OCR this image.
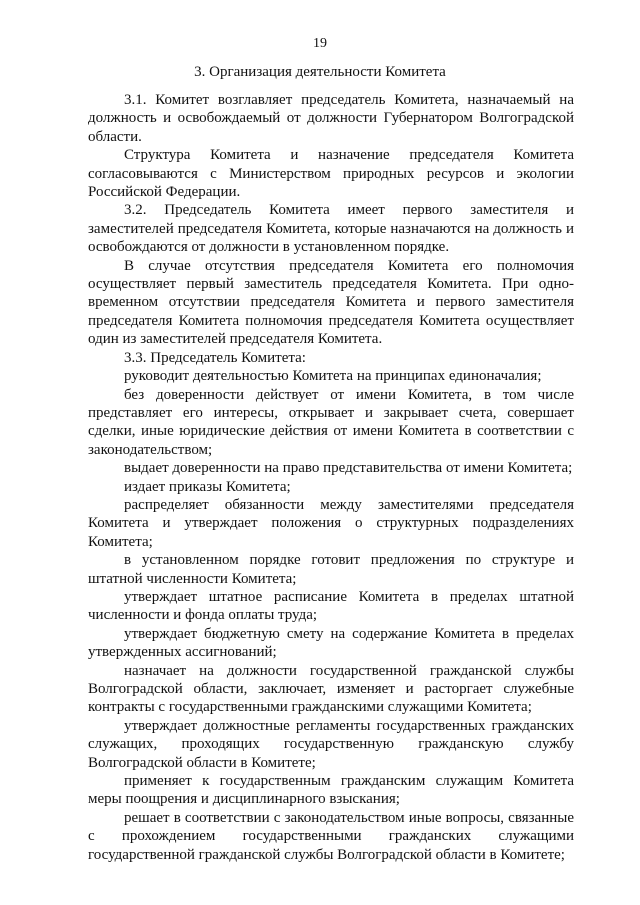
19
3. Организация деятельности Комитета

3.1. Комитет возглавляет председатель Комитета, назначаемый на должность и освобождаемый от должности Губернатором Волгоградской области.

Структура Комитета и назначение председателя Комитета согласовываются с Министерством природных ресурсов и экологии Российской Федерации.

3.2. Председатель Комитета имеет первого заместителя и заместителей председателя Комитета, которые назначаются на должность и освобождаются от должности в установленном порядке.

В случае отсутствия председателя Комитета его полномочия осуществляет первый заместитель председателя Комитета. При одновременном отсутствии председателя Комитета и первого заместителя председателя Комитета полномочия председателя Комитета осуществляет один из заместителей председателя Комитета.

3.3. Председатель Комитета:

руководит деятельностью Комитета на принципах единоначалия;

без доверенности действует от имени Комитета, в том числе представляет его интересы, открывает и закрывает счета, совершает сделки, иные юридические действия от имени Комитета в соответствии с законодательством;

выдает доверенности на право представительства от имени Комитета;

издает приказы Комитета;

распределяет обязанности между заместителями председателя Комитета и утверждает положения о структурных подразделениях Комитета;

в установленном порядке готовит предложения по структуре и штатной численности Комитета;

утверждает штатное расписание Комитета в пределах штатной численности и фонда оплаты труда;

утверждает бюджетную смету на содержание Комитета в пределах утвержденных ассигнований;

назначает на должности государственной гражданской службы Волгоградской области, заключает, изменяет и расторгает служебные контракты с государственными гражданскими служащими Комитета;

утверждает должностные регламенты государственных гражданских служащих, проходящих государственную гражданскую службу Волгоградской области в Комитете;

применяет к государственным гражданским служащим Комитета меры поощрения и дисциплинарного взыскания;

решает в соответствии с законодательством иные вопросы, связанные с прохождением государственными гражданских служащими государственной гражданской службы Волгоградской области в Комитете;
